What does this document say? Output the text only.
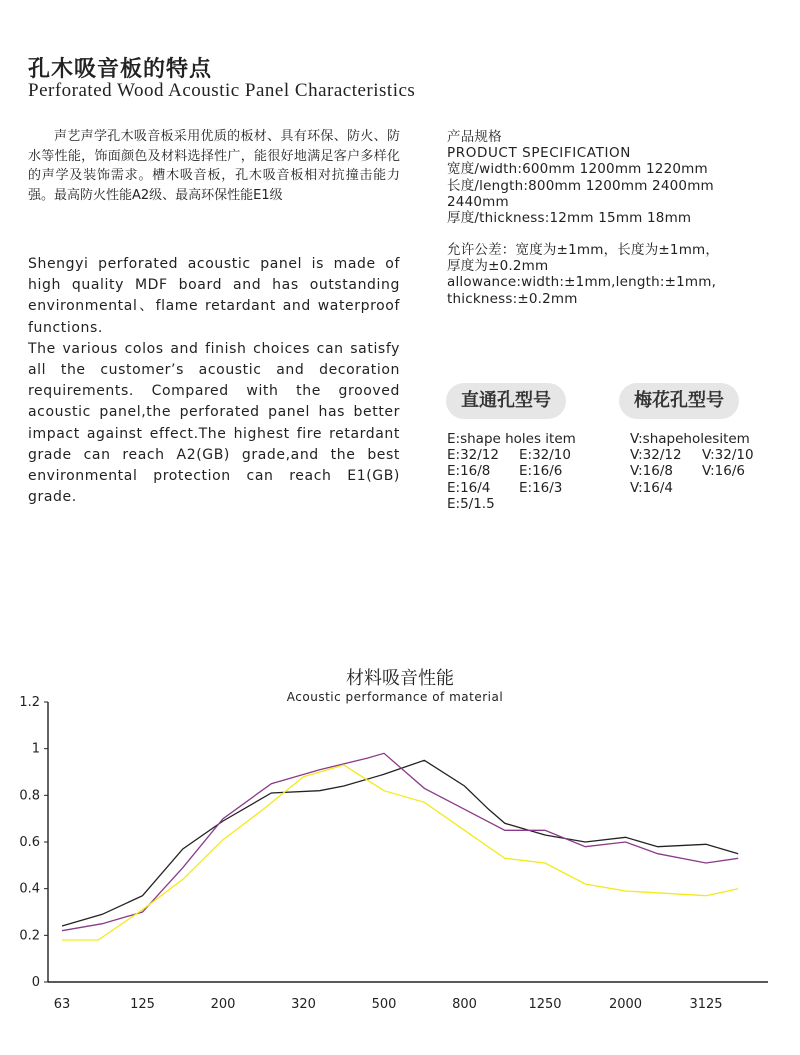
孔木吸音板的特点
Perforated Wood Acoustic Panel Characteristics
声艺声学孔木吸音板采用优质的板材、具有环保、防火、防水等性能，饰面颜色及材料选择性广，能很好地满足客户多样化的声学及装饰需求。槽木吸音板，孔木吸音板相对抗撞击能力强。最高防火性能A2级、最高环保性能E1级

Shengyi perforated acoustic panel is made of high quality MDF board and has outstanding environmental、flame retardant and waterproof functions.

The various colos and finish choices can satisfy all the customer’s acoustic and decoration requirements. Compared with the grooved acoustic panel,the perforated panel has better impact against effect.The highest fire retardant grade can reach A2(GB) grade,and the best environmental protection can reach E1(GB) grade.

产品规格
PRODUCT SPECIFICATION
宽度/width:600mm 1200mm 1220mm
长度/length:800mm 1200mm 2400mm
2440mm
厚度/thickness:12mm 15mm 18mm
允许公差：宽度为±1mm，长度为±1mm，
厚度为±0.2mm
allowance:width:±1mm,length:±1mm,
thickness:±0.2mm
直通孔型号	梅花孔型号
E:shape holes item
E:32/12	E:32/10
E:16/8	E:16/6
E:16/4	E:16/3
E:5/1.5
V:shapeholesitem
V:32/12	V:32/10
V:16/8	V:16/6
V:16/4
材料吸音性能
Acoustic performance of material
0
0.2
0.4
0.6
0.8
1
1.2
63	125	200	320	500	800	1250	2000	3125
